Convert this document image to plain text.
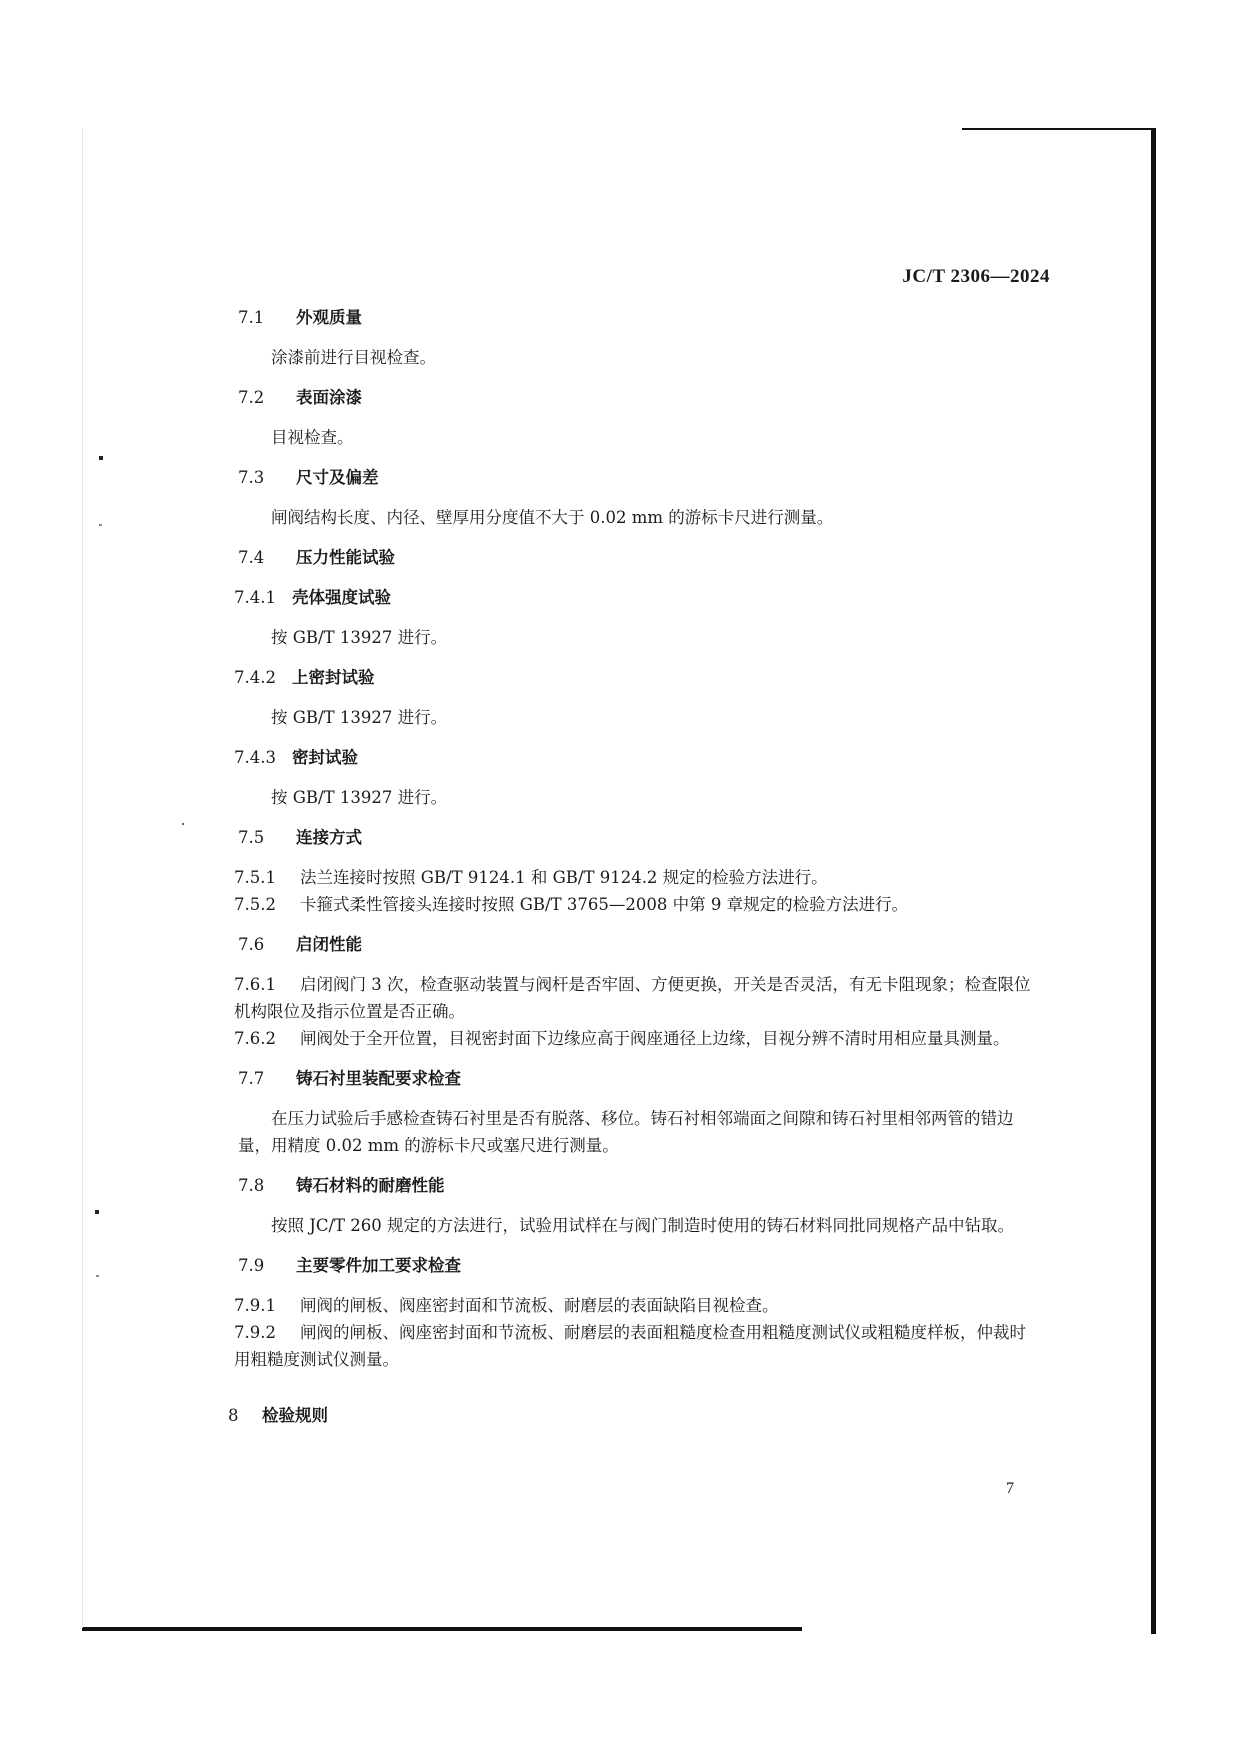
JC/T 2306—2024
7.1 外观质量
涂漆前进行目视检查。
7.2 表面涂漆
目视检查。
7.3 尺寸及偏差
闸阀结构长度、内径、壁厚用分度值不大于 0.02 mm 的游标卡尺进行测量。
7.4 压力性能试验
7.4.1 壳体强度试验
按 GB/T 13927 进行。
7.4.2 上密封试验
按 GB/T 13927 进行。
7.4.3 密封试验
按 GB/T 13927 进行。
7.5 连接方式
7.5.1 法兰连接时按照 GB/T 9124.1 和 GB/T 9124.2 规定的检验方法进行。
7.5.2 卡箍式柔性管接头连接时按照 GB/T 3765—2008 中第 9 章规定的检验方法进行。
7.6 启闭性能
7.6.1 启闭阀门 3 次，检查驱动装置与阀杆是否牢固、方便更换，开关是否灵活，有无卡阻现象；检查限位机构限位及指示位置是否正确。
7.6.2 闸阀处于全开位置，目视密封面下边缘应高于阀座通径上边缘，目视分辨不清时用相应量具测量。
7.7 铸石衬里装配要求检查
在压力试验后手感检查铸石衬里是否有脱落、移位。铸石衬相邻端面之间隙和铸石衬里相邻两管的错边量，用精度 0.02 mm 的游标卡尺或塞尺进行测量。
7.8 铸石材料的耐磨性能
按照 JC/T 260 规定的方法进行，试验用试样在与阀门制造时使用的铸石材料同批同规格产品中钻取。
7.9 主要零件加工要求检查
7.9.1 闸阀的闸板、阀座密封面和节流板、耐磨层的表面缺陷目视检查。
7.9.2 闸阀的闸板、阀座密封面和节流板、耐磨层的表面粗糙度检查用粗糙度测试仪或粗糙度样板，仲裁时用粗糙度测试仪测量。
8 检验规则
7
